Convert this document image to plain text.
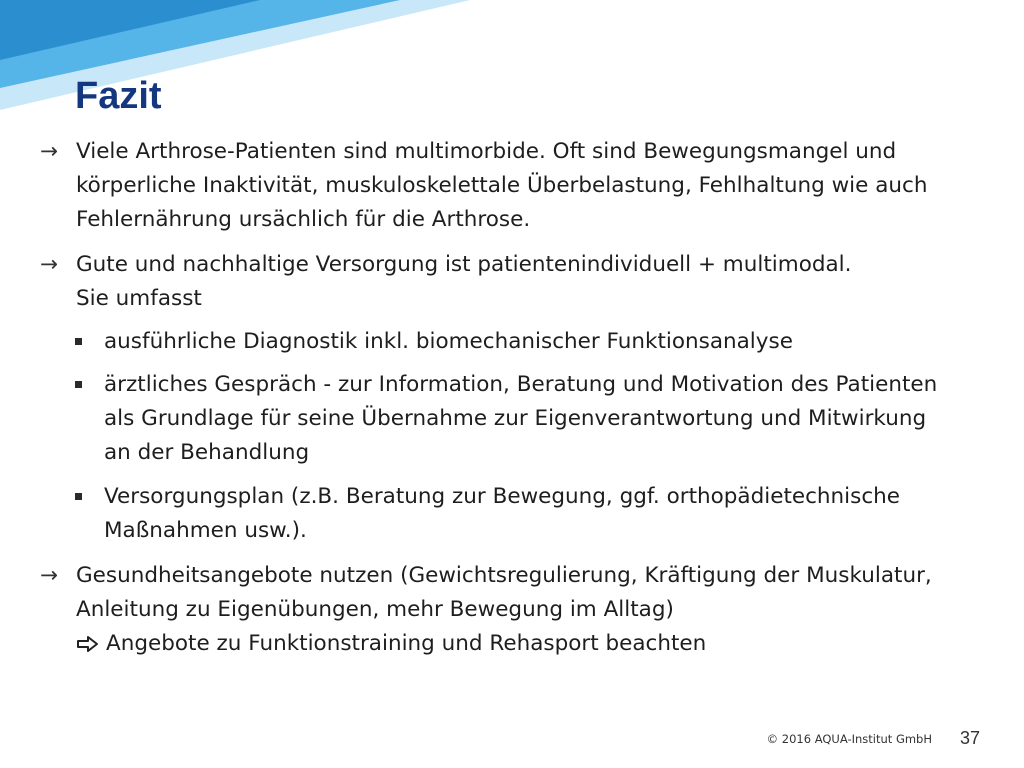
Fazit
→ Viele Arthrose-Patienten sind multimorbide. Oft sind Bewegungsmangel und
körperliche Inaktivität, muskuloskelettale Überbelastung, Fehlhaltung wie auch
Fehlernährung ursächlich für die Arthrose.
→ Gute und nachhaltige Versorgung ist patientenindividuell + multimodal.
Sie umfasst
ausführliche Diagnostik inkl. biomechanischer Funktionsanalyse
ärztliches Gespräch - zur Information, Beratung und Motivation des Patienten
als Grundlage für seine Übernahme zur Eigenverantwortung und Mitwirkung
an der Behandlung
Versorgungsplan (z.B. Beratung zur Bewegung, ggf. orthopädietechnische
Maßnahmen usw.).
→ Gesundheitsangebote nutzen (Gewichtsregulierung, Kräftigung der Muskulatur,
Anleitung zu Eigenübungen, mehr Bewegung im Alltag)
Angebote zu Funktionstraining und Rehasport beachten
© 2016 AQUA-Institut GmbH 37
